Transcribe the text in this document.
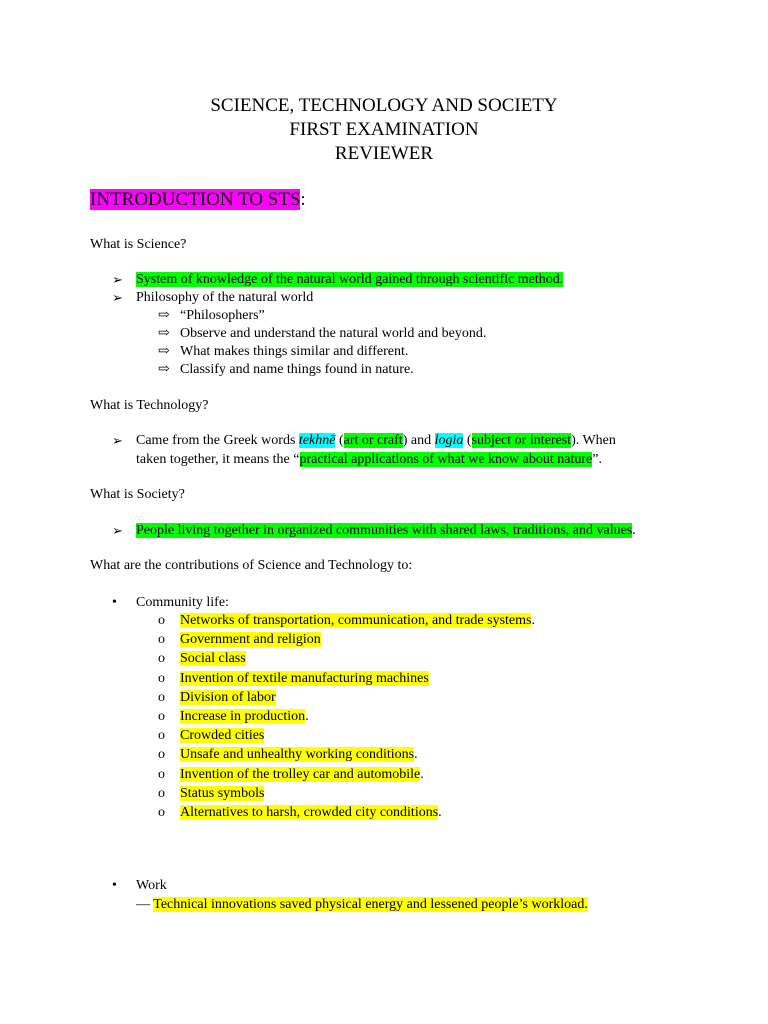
SCIENCE, TECHNOLOGY AND SOCIETY
FIRST EXAMINATION
REVIEWER
INTRODUCTION TO STS:
What is Science?
➢ System of knowledge of the natural world gained through scientific method.
➢ Philosophy of the natural world
⇨ “Philosophers”
⇨ Observe and understand the natural world and beyond.
⇨ What makes things similar and different.
⇨ Classify and name things found in nature.
What is Technology?
➢ Came from the Greek words tekhnē (art or craft) and logia (subject or interest). When
taken together, it means the “practical applications of what we know about nature”.
What is Society?
➢ People living together in organized communities with shared laws, traditions, and values.
What are the contributions of Science and Technology to:
•	Community life:
o	Networks of transportation, communication, and trade systems.
o	Government and religion
o	Social class
o	Invention of textile manufacturing machines
o	Division of labor
o	Increase in production.
o	Crowded cities
o	Unsafe and unhealthy working conditions.
o	Invention of the trolley car and automobile.
o	Status symbols
o	Alternatives to harsh, crowded city conditions.
•	Work
— Technical innovations saved physical energy and lessened people’s workload.
